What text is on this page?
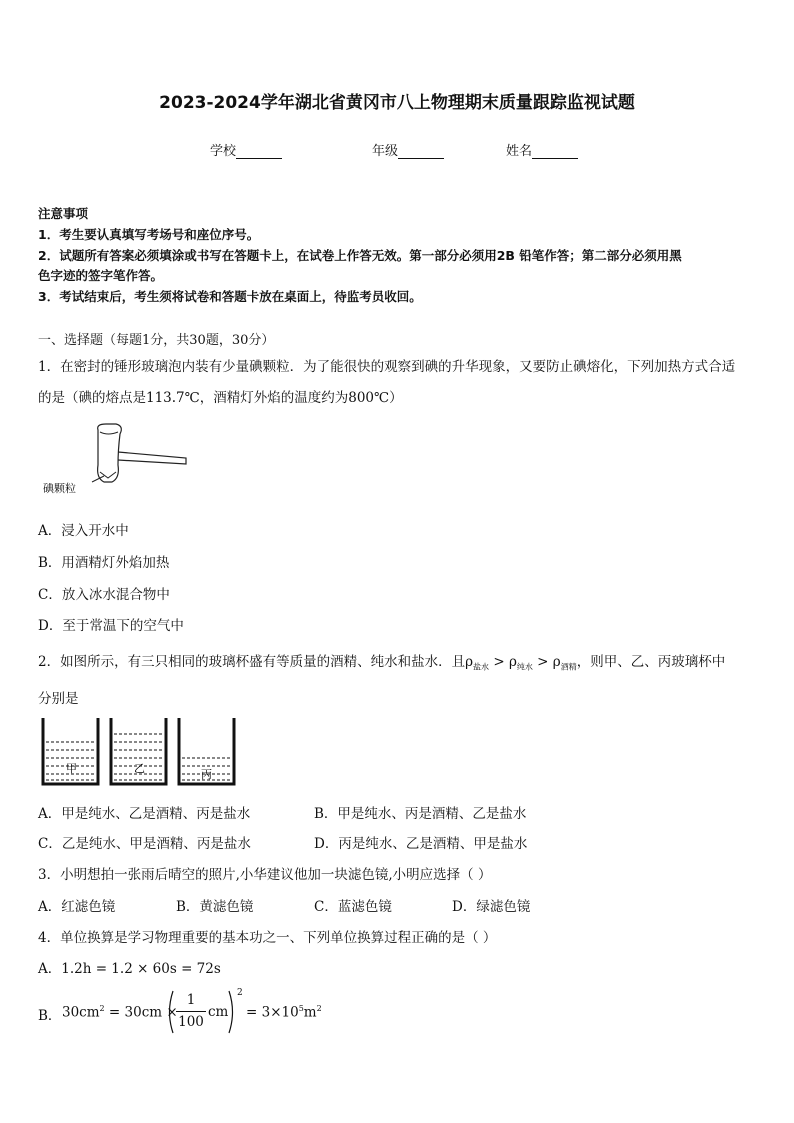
2023-2024学年湖北省黄冈市八上物理期末质量跟踪监视试题
学校	年级	姓名
注意事项
1．考生要认真填写考场号和座位序号。
2．试题所有答案必须填涂或书写在答题卡上，在试卷上作答无效。第一部分必须用2B 铅笔作答；第二部分必须用黑
色字迹的签字笔作答。
3．考试结束后，考生须将试卷和答题卡放在桌面上，待监考员收回。
一、选择题（每题1分，共30题，30分）
1．在密封的锤形玻璃泡内装有少量碘颗粒．为了能很快的观察到碘的升华现象，又要防止碘熔化，下列加热方式合适
的是（碘的熔点是113.7℃，酒精灯外焰的温度约为800℃）
碘颗粒
A．浸入开水中
B．用酒精灯外焰加热
C．放入冰水混合物中
D．至于常温下的空气中
2．如图所示，有三只相同的玻璃杯盛有等质量的酒精、纯水和盐水．且$\rho_{盐水} > \rho_{纯水} > \rho_{酒精}$，则甲、乙、丙玻璃杯中
分别是
甲	乙	丙
A．甲是纯水、乙是酒精、丙是盐水	B．甲是纯水、丙是酒精、乙是盐水
C．乙是纯水、甲是酒精、丙是盐水	D．丙是纯水、乙是酒精、甲是盐水
3．小明想拍一张雨后晴空的照片,小华建议他加一块滤色镜,小明应选择（ ）
A．红滤色镜	B．黄滤色镜	C．蓝滤色镜	D．绿滤色镜
4．单位换算是学习物理重要的基本功之一、下列单位换算过程正确的是（ ）
A．1.2h = 1.2 × 60s = 72s
B． $30cm^2 = 30cm$ ×
1
100
cm
2
= $3\times 10^5m^2$
